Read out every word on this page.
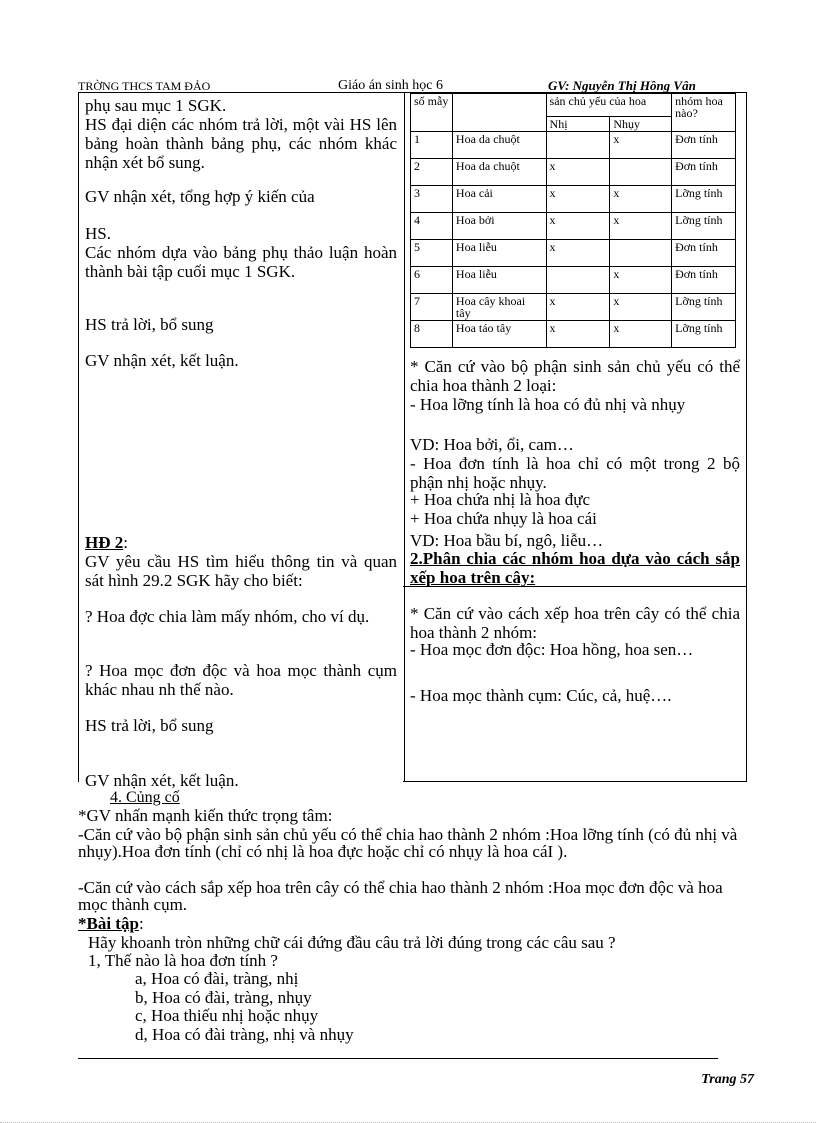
TRỜNG THCS TAM ĐẢO	Giáo án sinh học 6	GV: Nguyễn Thị Hồng Vân
phụ sau mục 1 SGK.
HS đại diện các nhóm trả lời, một vài HS lên bảng hoàn thành bảng phụ, các nhóm khác nhận xét bổ sung.
GV nhận xét, tổng hợp ý kiến của
HS.
Các nhóm dựa vào bảng phụ thảo luận hoàn thành bài tập cuối mục 1 SGK.
HS trả lời, bổ sung
GV nhận xét, kết luận.
HĐ 2:
GV yêu cầu HS tìm hiểu thông tin và quan sát hình 29.2 SGK hãy cho biết:
? Hoa đợc chia làm mấy nhóm, cho ví dụ.
? Hoa mọc đơn độc và hoa mọc thành cụm khác nhau nh thế nào.
HS trả lời, bổ sung
GV nhận xét, kết luận.
số mẫy		sản chủ yếu của hoa		nhóm hoa nào?
		Nhị	Nhụy	
1	Hoa da chuột		x	Đơn tính
2	Hoa da chuột	x		Đơn tính
3	Hoa cải	x	x	Lỡng tính
4	Hoa bởi	x	x	Lỡng tính
5	Hoa liễu	x		Đơn tính
6	Hoa liễu		x	Đơn tính
7	Hoa cây khoai tây	x	x	Lỡng tính
8	Hoa táo tây	x	x	Lỡng tính
* Căn cứ vào bộ phận sinh sản chủ yếu có thể chia hoa thành 2 loại:
- Hoa lỡng tính là hoa có đủ nhị và nhụy
VD: Hoa bởi, ổi, cam…
- Hoa đơn tính là hoa chỉ có một trong 2 bộ phận nhị hoặc nhụy.
+ Hoa chứa nhị là hoa đực
+ Hoa chứa nhụy là hoa cái
VD: Hoa bầu bí, ngô, liễu…
2.Phân chia các nhóm hoa dựa vào cách sắp xếp hoa trên cây:
* Căn cứ vào cách xếp hoa trên cây có thể chia hoa thành 2 nhóm:
- Hoa mọc đơn độc: Hoa hồng, hoa sen…
- Hoa mọc thành cụm: Cúc, cả, huệ….
4. Củng cố
*GV nhấn mạnh kiến thức trọng tâm:
-Căn cứ vào bộ phận sinh sản chủ yếu có thể chia hao thành 2 nhóm :Hoa lỡng tính (có đủ nhị và nhụy).Hoa đơn tính (chỉ có nhị là hoa đực hoặc chỉ có nhụy là hoa cáI ).
-Căn cứ vào cách sắp xếp hoa trên cây có thể chia hao thành 2 nhóm :Hoa mọc đơn độc và hoa mọc thành cụm.
*Bài tập:
Hãy khoanh tròn những chữ cái đứng đầu câu trả lời đúng trong các câu sau ?
1, Thế nào là hoa đơn tính ?
a, Hoa có đài, tràng, nhị
b, Hoa có đài, tràng, nhụy
c, Hoa thiếu nhị hoặc nhụy
d, Hoa có đài tràng, nhị và nhụy
Trang 57
